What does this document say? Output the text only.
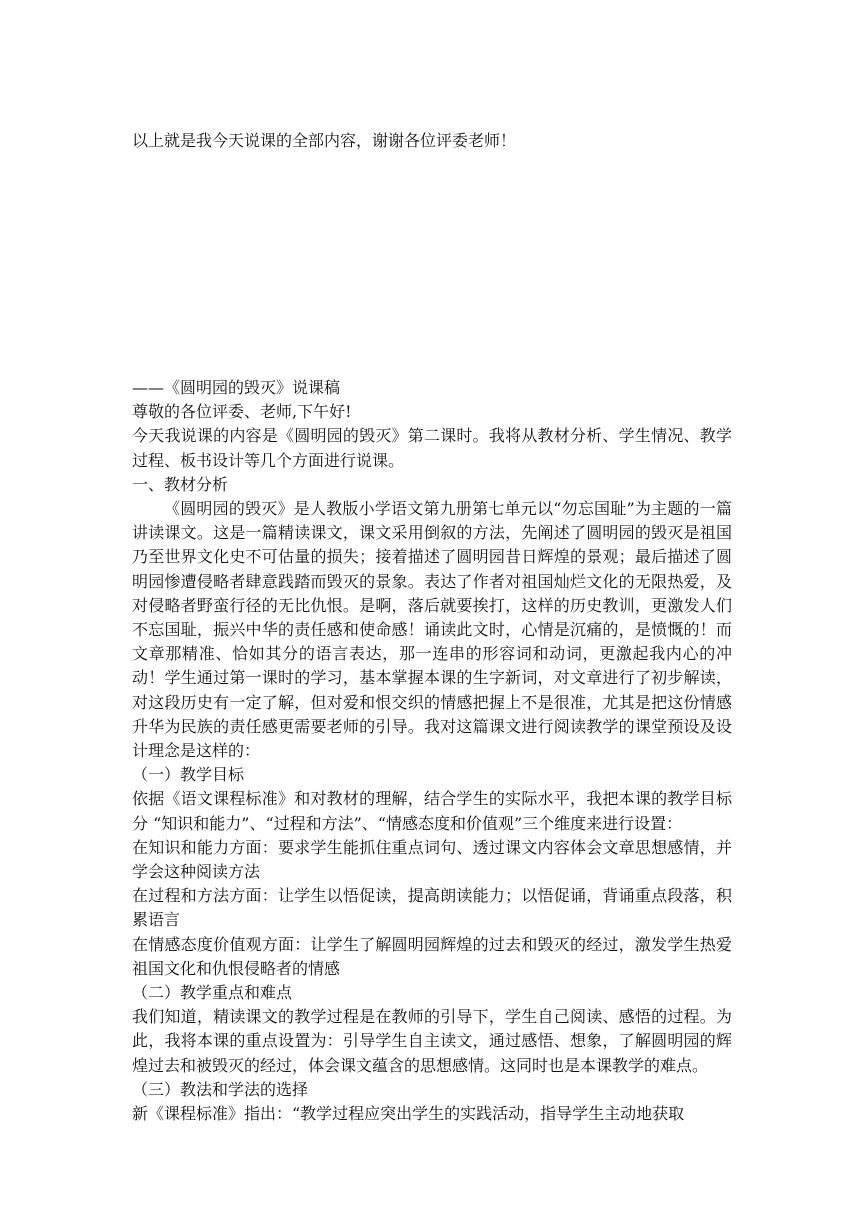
以上就是我今天说课的全部内容，谢谢各位评委老师！

——《圆明园的毁灭》说课稿

尊敬的各位评委、老师,下午好!

今天我说课的内容是《圆明园的毁灭》第二课时。我将从教材分析、学生情况、教学过程、板书设计等几个方面进行说课。

一、教材分析

《圆明园的毁灭》是人教版小学语文第九册第七单元以“勿忘国耻”为主题的一篇讲读课文。这是一篇精读课文，课文采用倒叙的方法，先阐述了圆明园的毁灭是祖国乃至世界文化史不可估量的损失；接着描述了圆明园昔日辉煌的景观；最后描述了圆明园惨遭侵略者肆意践踏而毁灭的景象。表达了作者对祖国灿烂文化的无限热爱，及对侵略者野蛮行径的无比仇恨。是啊，落后就要挨打，这样的历史教训，更激发人们不忘国耻，振兴中华的责任感和使命感！诵读此文时，心情是沉痛的，是愤慨的！而文章那精准、恰如其分的语言表达，那一连串的形容词和动词，更激起我内心的冲动！学生通过第一课时的学习，基本掌握本课的生字新词，对文章进行了初步解读，对这段历史有一定了解，但对爱和恨交织的情感把握上不是很准，尤其是把这份情感升华为民族的责任感更需要老师的引导。我对这篇课文进行阅读教学的课堂预设及设计理念是这样的：

（一）教学目标

依据《语文课程标准》和对教材的理解，结合学生的实际水平，我把本课的教学目标分 “知识和能力”、“过程和方法”、“情感态度和价值观”三个维度来进行设置：

在知识和能力方面：要求学生能抓住重点词句、透过课文内容体会文章思想感情，并学会这种阅读方法

在过程和方法方面：让学生以悟促读，提高朗读能力；以悟促诵，背诵重点段落，积累语言

在情感态度价值观方面：让学生了解圆明园辉煌的过去和毁灭的经过，激发学生热爱祖国文化和仇恨侵略者的情感

（二）教学重点和难点

我们知道，精读课文的教学过程是在教师的引导下，学生自己阅读、感悟的过程。为此，我将本课的重点设置为：引导学生自主读文，通过感悟、想象，了解圆明园的辉煌过去和被毁灭的经过，体会课文蕴含的思想感情。这同时也是本课教学的难点。

（三）教法和学法的选择

新《课程标准》指出：“教学过程应突出学生的实践活动，指导学生主动地获取
